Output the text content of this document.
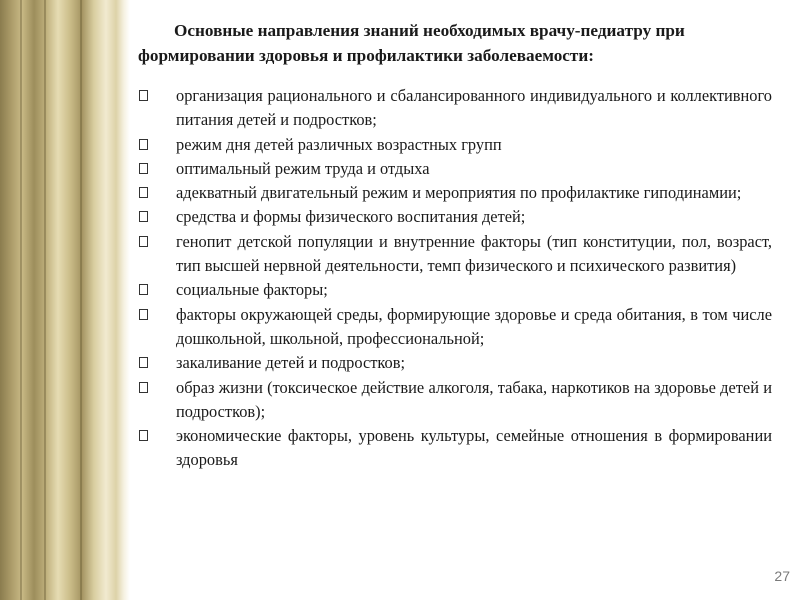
Основные направления знаний необходимых врачу-педиатру при
формировании здоровья и профилактики заболеваемости:
организация рационального и сбалансированного индивидуального и коллективного питания детей и подростков;
режим дня детей различных возрастных групп
оптимальный режим труда и отдыха
адекватный двигательный режим и мероприятия по профилактике гиподинамии;
средства и формы физического воспитания детей;
генопит детской популяции и внутренние факторы (тип конституции, пол, возраст, тип высшей нервной деятельности, темп физического и психического развития)
социальные факторы;
факторы окружающей среды, формирующие здоровье и среда обитания, в том числе дошкольной, школьной, профессиональной;
закаливание детей и подростков;
образ жизни (токсическое действие алкоголя, табака, наркотиков на здоровье детей и подростков);
экономические факторы, уровень культуры, семейные отношения в формировании здоровья
27
